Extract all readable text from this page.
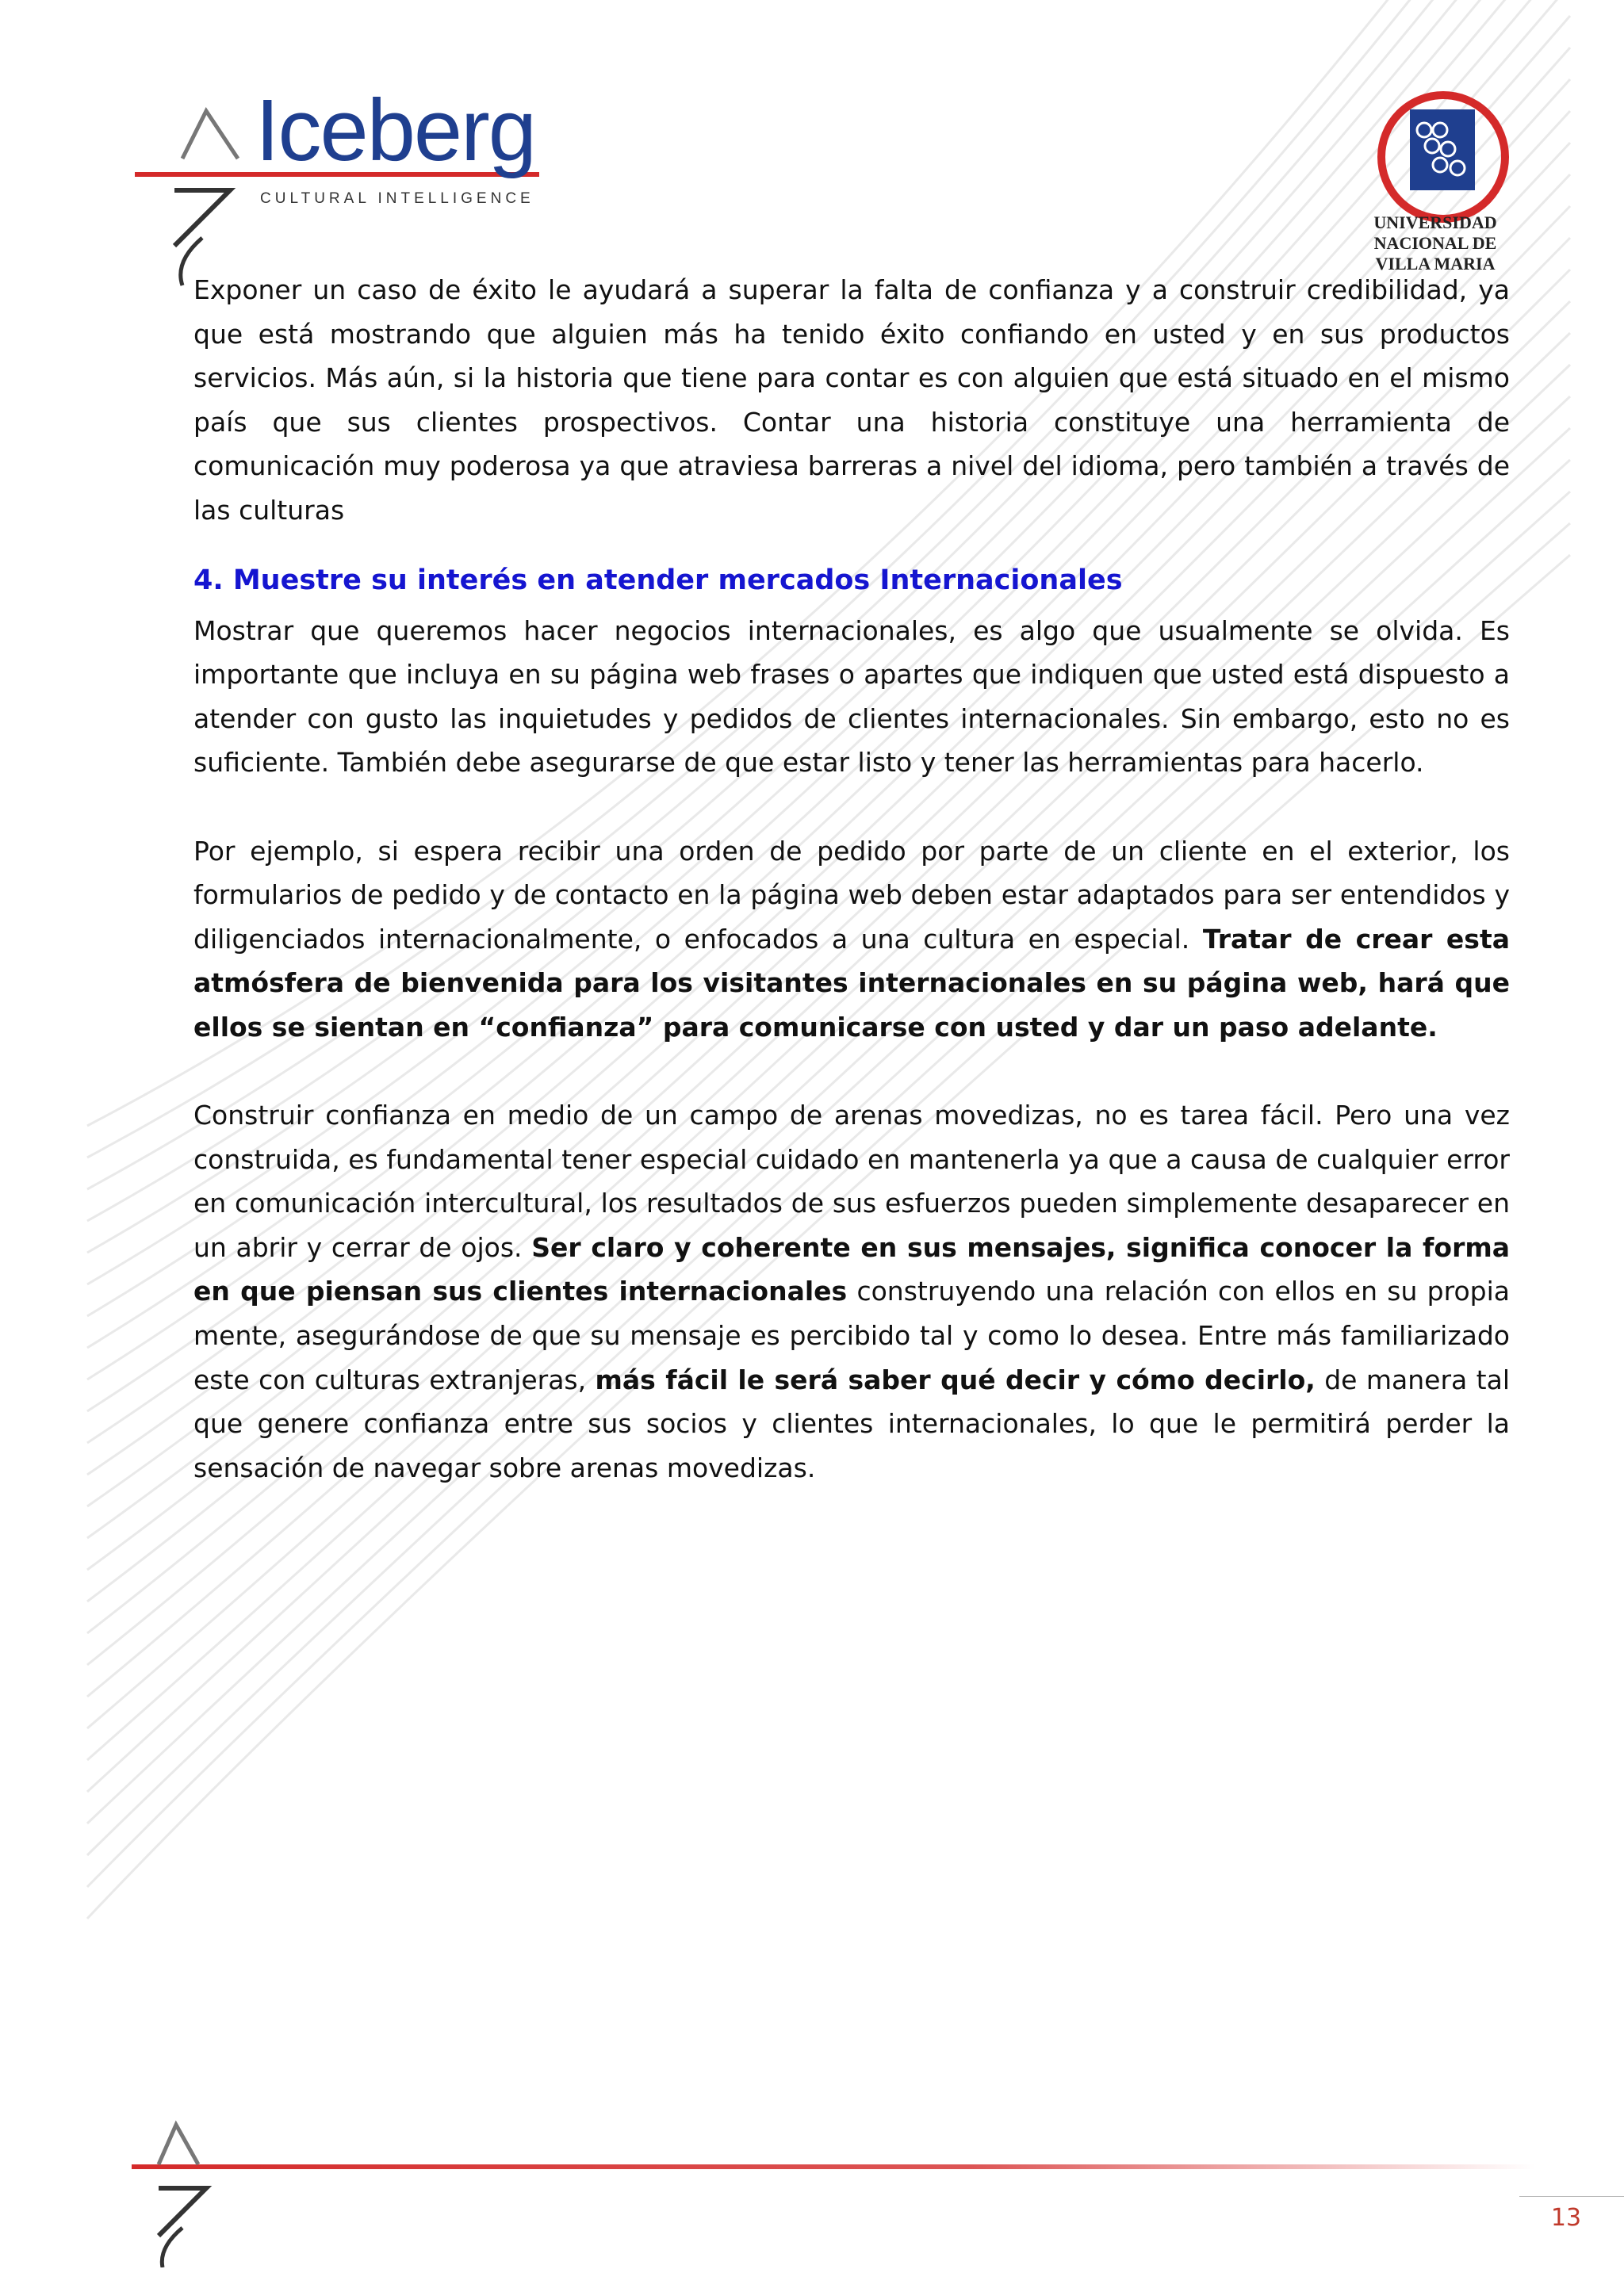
Iceberg
CULTURAL INTELLIGENCE
UNIVERSIDAD
NACIONAL DE
VILLA MARIA

Exponer un caso de éxito le ayudará a superar la falta de confianza y a construir credibilidad, ya que está mostrando que alguien más ha tenido éxito confiando en usted y en sus productos servicios. Más aún, si la historia que tiene para contar es con alguien que está situado en el mismo país que sus clientes prospectivos. Contar una historia constituye una herramienta de comunicación muy poderosa ya que atraviesa barreras a nivel del idioma, pero también a través de las culturas

4. Muestre su interés en atender mercados Internacionales

Mostrar que queremos hacer negocios internacionales, es algo que usualmente se olvida. Es importante que incluya en su página web frases o apartes que indiquen que usted está dispuesto a atender con gusto las inquietudes y pedidos de clientes internacionales. Sin embargo, esto no es suficiente. También debe asegurarse de que estar listo y tener las herramientas para hacerlo.

Por ejemplo, si espera recibir una orden de pedido por parte de un cliente en el exterior, los formularios de pedido y de contacto en la página web deben estar adaptados para ser entendidos y diligenciados internacionalmente, o enfocados a una cultura en especial. Tratar de crear esta atmósfera de bienvenida para los visitantes internacionales en su página web, hará que ellos se sientan en “confianza” para comunicarse con usted y dar un paso adelante.

Construir confianza en medio de un campo de arenas movedizas, no es tarea fácil. Pero una vez construida, es fundamental tener especial cuidado en mantenerla ya que a causa de cualquier error en comunicación intercultural, los resultados de sus esfuerzos pueden simplemente desaparecer en un abrir y cerrar de ojos. Ser claro y coherente en sus mensajes, significa conocer la forma en que piensan sus clientes internacionales construyendo una relación con ellos en su propia mente, asegurándose de que su mensaje es percibido tal y como lo desea. Entre más familiarizado este con culturas extranjeras, más fácil le será saber qué decir y cómo decirlo, de manera tal que genere confianza entre sus socios y clientes internacionales, lo que le permitirá perder la sensación de navegar sobre arenas movedizas.

13
